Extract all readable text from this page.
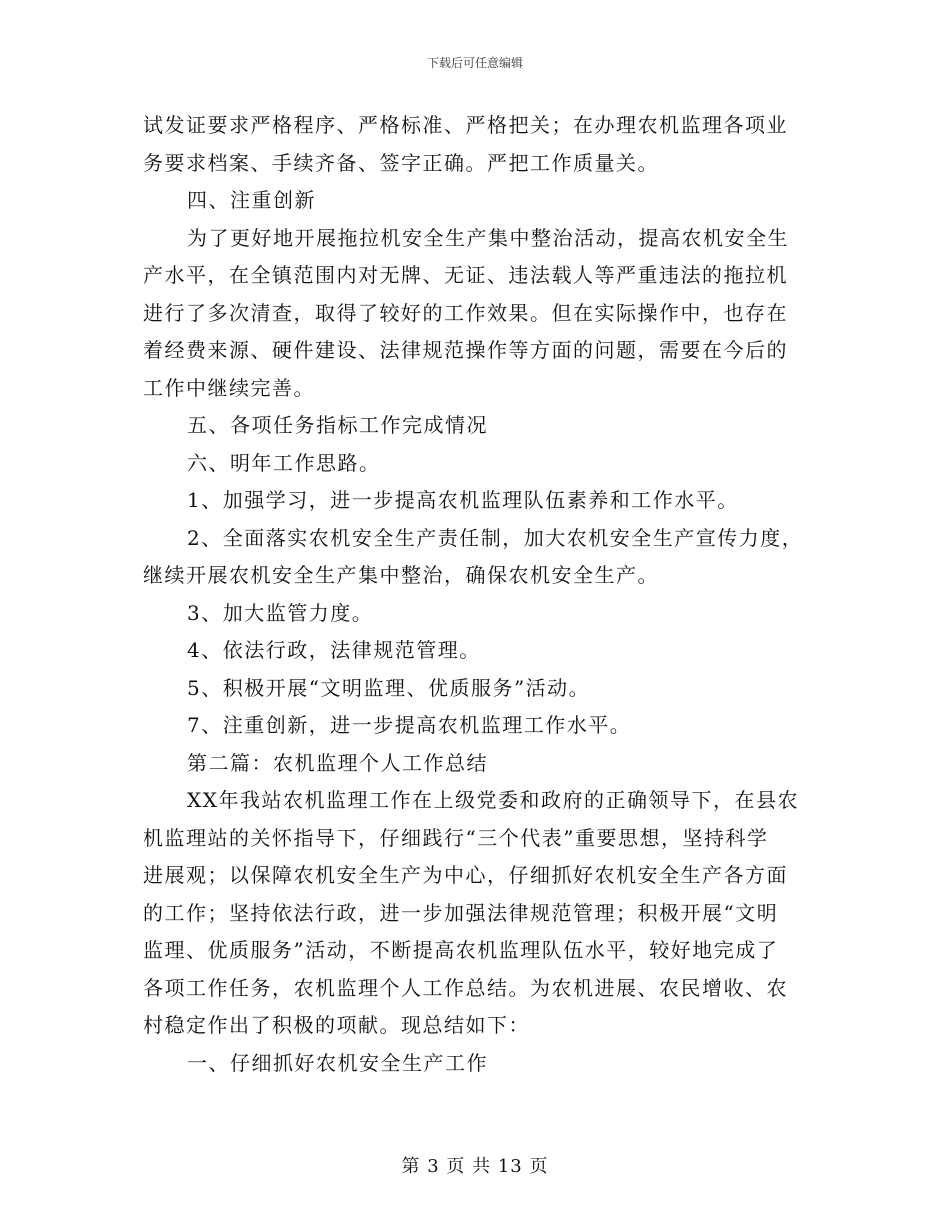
下载后可任意编辑
试发证要求严格程序、严格标准、严格把关；在办理农机监理各项业
务要求档案、手续齐备、签字正确。严把工作质量关。
四、注重创新
为了更好地开展拖拉机安全生产集中整治活动，提高农机安全生
产水平，在全镇范围内对无牌、无证、违法载人等严重违法的拖拉机
进行了多次清查，取得了较好的工作效果。但在实际操作中，也存在
着经费来源、硬件建设、法律规范操作等方面的问题，需要在今后的
工作中继续完善。
五、各项任务指标工作完成情况
六、明年工作思路。
1、加强学习，进一步提高农机监理队伍素养和工作水平。
2、全面落实农机安全生产责任制，加大农机安全生产宣传力度，
继续开展农机安全生产集中整治，确保农机安全生产。
3、加大监管力度。
4、依法行政，法律规范管理。
5、积极开展“文明监理、优质服务”活动。
7、注重创新，进一步提高农机监理工作水平。
第二篇：农机监理个人工作总结
XX年我站农机监理工作在上级党委和政府的正确领导下，在县农
机监理站的关怀指导下，仔细践行“三个代表”重要思想，坚持科学
进展观；以保障农机安全生产为中心，仔细抓好农机安全生产各方面
的工作；坚持依法行政，进一步加强法律规范管理；积极开展“文明
监理、优质服务”活动，不断提高农机监理队伍水平，较好地完成了
各项工作任务，农机监理个人工作总结。为农机进展、农民增收、农
村稳定作出了积极的项献。现总结如下：
一、仔细抓好农机安全生产工作
第 3 页 共 13 页
